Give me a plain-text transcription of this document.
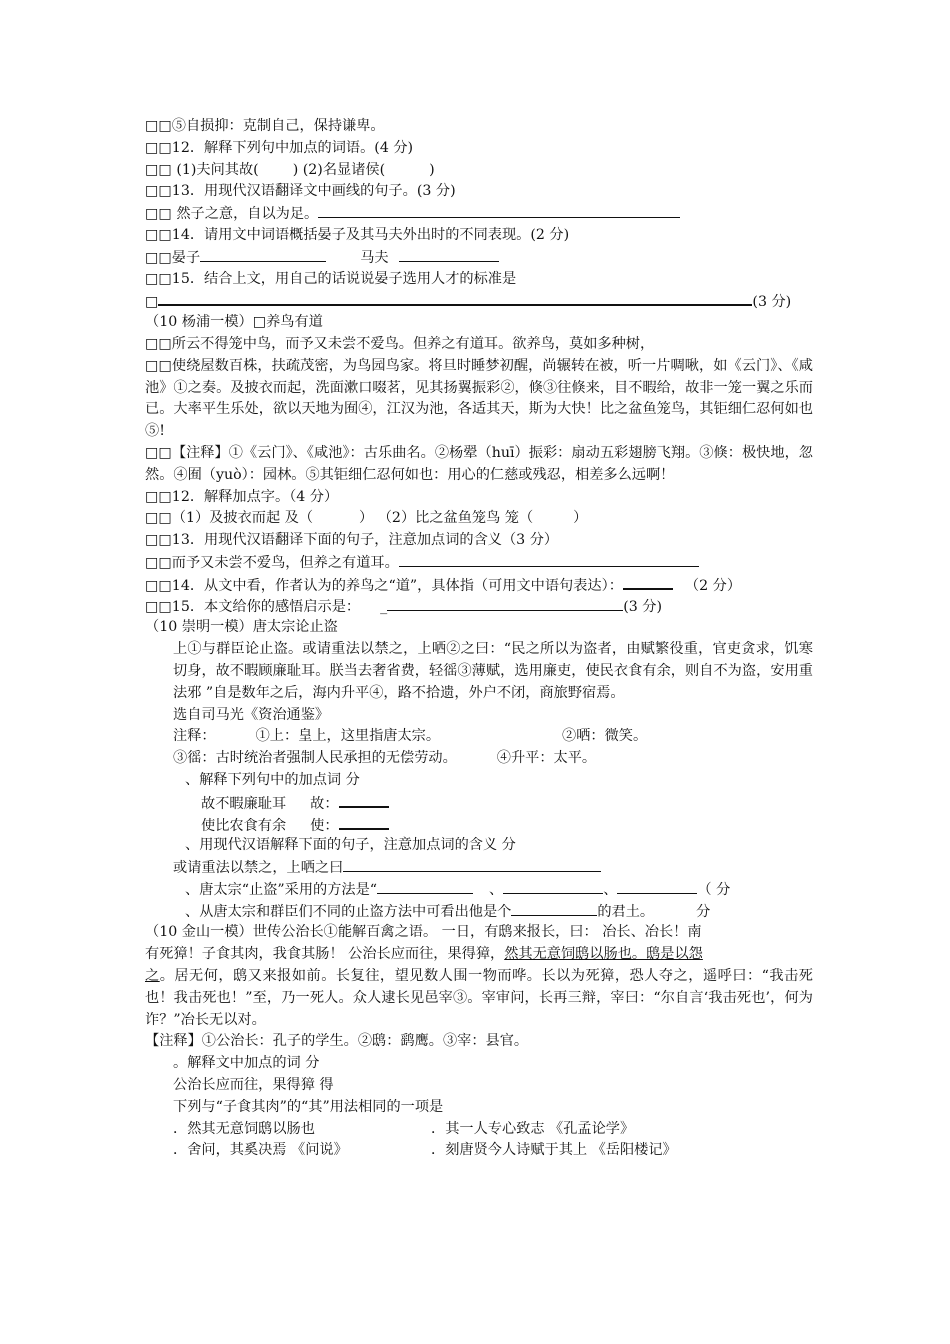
□□⑤自损抑：克制自己，保持谦卑。
□□12．解释下列句中加点的词语。(4 分)
□□ (1)夫问其故( ) (2)名显诸侯(	)
□□13．用现代汉语翻译文中画线的句子。(3 分)
□□ 然子之意，自以为足。
□□14．请用文中词语概括晏子及其马夫外出时的不同表现。(2 分)
□□晏子	马夫
□□15．结合上文，用自己的话说说晏子选用人才的标准是
□	(3 分)
（10 杨浦一模）□养鸟有道
□□所云不得笼中鸟，而予又未尝不爱鸟。但养之有道耳。欲养鸟，莫如多种树，
□□使绕屋数百株，扶疏茂密，为鸟园鸟家。将旦时睡梦初醒，尚辗转在被，听一片啁啾，如《云门》、《咸池》①之奏。及披衣而起，洗面漱口啜茗，见其扬翼振彩②，倏③往倏来，目不暇给，故非一笼一翼之乐而已。大率平生乐处，欲以天地为囿④，江汉为池，各适其天，斯为大快！比之盆鱼笼鸟，其钜细仁忍何如也⑤!
□□【注释】①《云门》、《咸池》：古乐曲名。②杨翚（huī）振彩：扇动五彩翅膀飞翔。③倏：极快地，忽然。④囿（yuò）：园林。⑤其钜细仁忍何如也：用心的仁慈或残忍，相差多么远啊！
□□12．解释加点字。（4 分）
□□（1）及披衣而起 及（	） （2）比之盆鱼笼鸟 笼（	）
□□13．用现代汉语翻译下面的句子，注意加点词的含义（3 分）
□□而予又未尝不爱鸟，但养之有道耳。
□□14．从文中看，作者认为的养鸟之“道”，具体指（可用文中语句表达）：	（2 分）
□□15．本文给你的感悟启示是： _	(3 分)
（10 崇明一模）唐太宗论止盗
上①与群臣论止盗。或请重法以禁之，上哂②之曰：“民之所以为盗者，由赋繁役重，官吏贪求，饥寒切身，故不暇顾廉耻耳。朕当去奢省费，轻徭③薄赋，选用廉吏，使民衣食有余，则自不为盗，安用重法邪 ”自是数年之后，海内升平④，路不拾遗，外户不闭，商旅野宿焉。
选自司马光《资治通鉴》
注释：	①上：皇上，这里指唐太宗。	②哂：微笑。
③徭：古时统治者强制人民承担的无偿劳动。	④升平：太平。
、解释下列句中的加点词 分
故不暇廉耻耳 故：
使比农食有余 使：
、用现代汉语解释下面的句子，注意加点词的含义 分
或请重法以禁之，上哂之曰
、唐太宗“止盗”采用的方法是“	、	、	（ 分
、从唐太宗和群臣们不同的止盗方法中可看出他是个	的君土。	分
（10 金山一模）世传公治长①能解百禽之语。 一日，有鸱来报长，曰： 冶长、冶长！南
有死獐！子食其肉，我食其肠！ 公治长应而往，果得獐，然其无意饲鸱以肠也。鸱是以怨
之。居无何，鸱又来报如前。长复往，望见数人围一物而哗。长以为死獐，恐人夺之，遥呼曰：“我击死也！我击死也！”至，乃一死人。众人逮长见邑宰③。宰审问，长再三辩，宰曰：“尔自言‘我击死也’，何为诈？”冶长无以对。
【注释】①公治长：孔子的学生。②鸱：鹞鹰。③宰：县官。
。解释文中加点的词 分
公治长应而往，果得獐 得
下列与“子食其肉”的“其”用法相同的一项是
．然其无意饲鸱以肠也	．其一人专心致志 《孔孟论学》
．舍问，其奚决焉 《问说》	．刻唐贤今人诗赋于其上 《岳阳楼记》
